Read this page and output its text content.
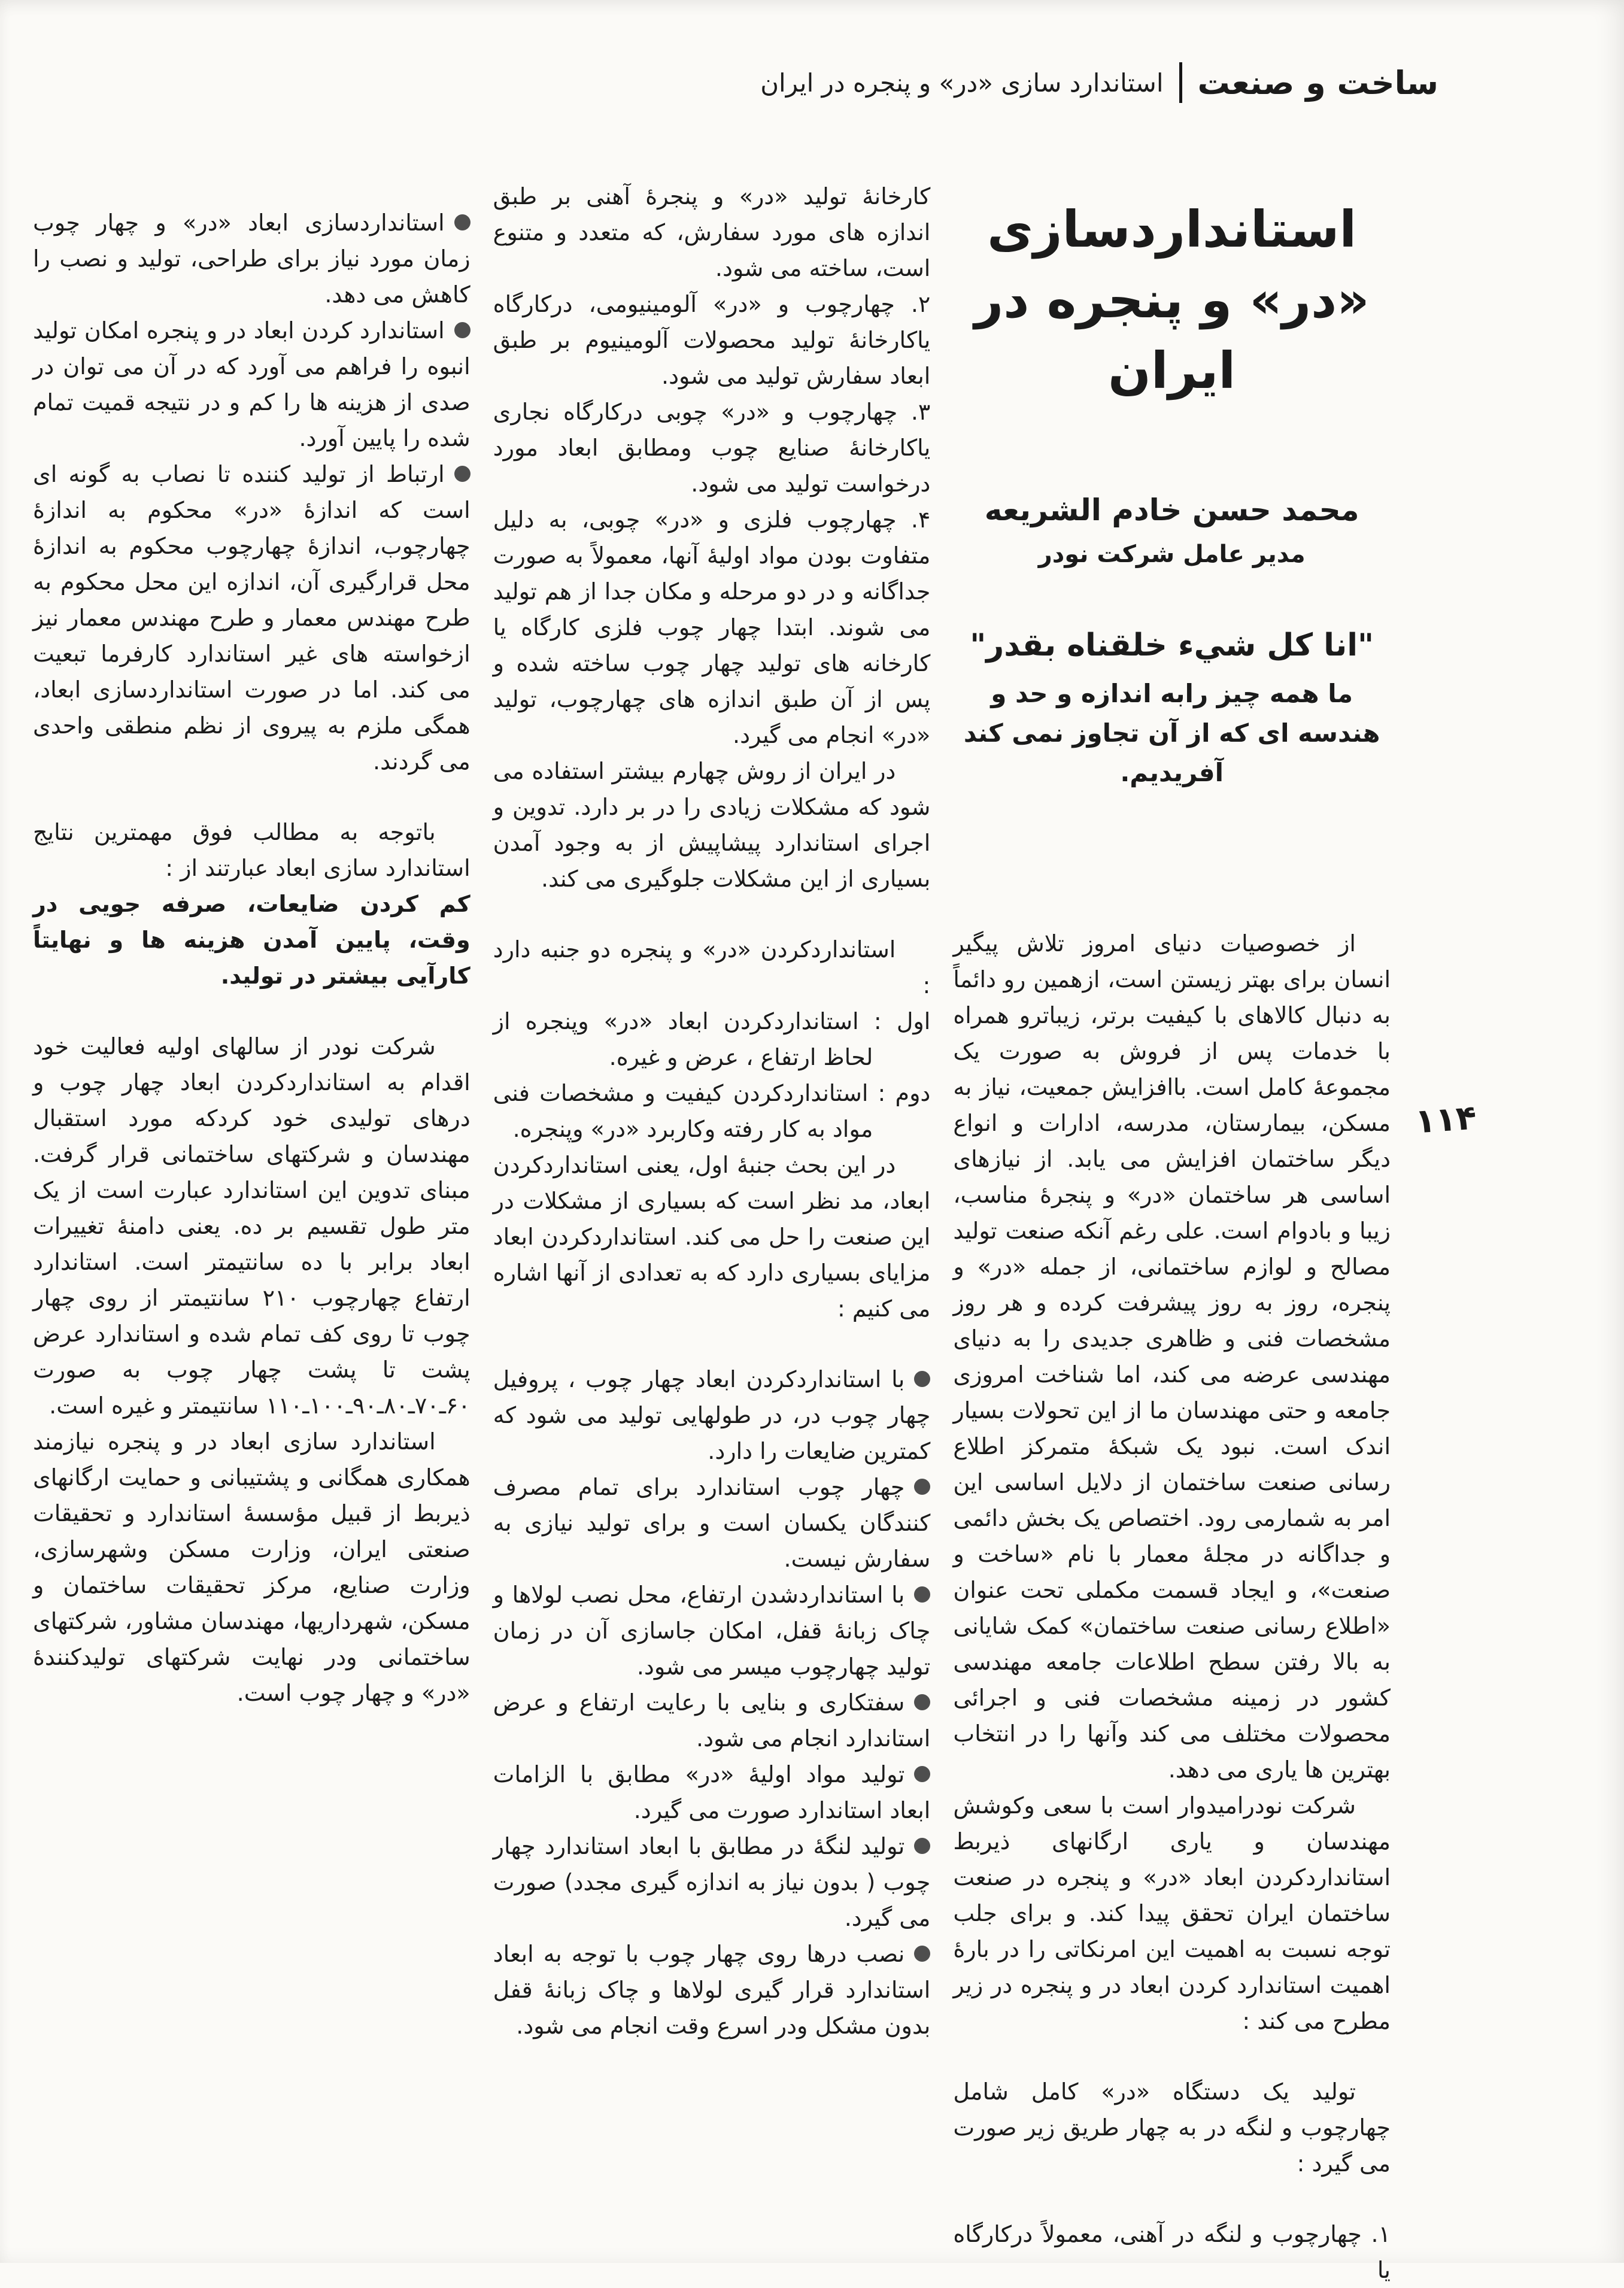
ساخت و صنعت
استاندارد سازی «در» و پنجره در ایران
۱۱۴
استانداردسازی
«در» و پنجره در ایران
محمد حسن خادم الشريعه
مدير عامل شركت نودر
"انا كل شيء خلقناه بقدر"
ما همه چیز رابه اندازه و حد و
هندسه ای که از آن تجاوز نمی کند آفریدیم.

از خصوصیات دنیای امروز تلاش پیگیر انسان برای بهتر زیستن است، ازهمین رو دائماً به دنبال کالاهای با کیفیت برتر، زیباترو همراه با خدمات پس از فروش به صورت یک مجموعهٔ کامل است. باافزایش جمعیت، نیاز به مسکن، بیمارستان، مدرسه، ادارات و انواع دیگر ساختمان افزایش می یابد. از نیازهای اساسی هر ساختمان «در» و پنجرهٔ مناسب، زیبا و بادوام است. علی رغم آنکه صنعت تولید مصالح و لوازم ساختمانی، از جمله «در» و پنجره، روز به روز پیشرفت کرده و هر روز مشخصات فنی و ظاهری جدیدی را به دنیای مهندسی عرضه می کند، اما شناخت امروزی جامعه و حتی مهندسان ما از این تحولات بسیار اندک است. نبود یک شبکهٔ متمرکز اطلاع رسانی صنعت ساختمان از دلایل اساسی این امر به شمارمی رود. اختصاص یک بخش دائمی و جداگانه در مجلهٔ معمار با نام «ساخت و صنعت»، و ایجاد قسمت مکملی تحت عنوان «اطلاع رسانی صنعت ساختمان» کمک شایانی به بالا رفتن سطح اطلاعات جامعه مهندسی کشور در زمینه مشخصات فنی و اجرائی محصولات مختلف می کند وآنها را در انتخاب بهترین ها یاری می دهد.

شرکت نودرامیدوار است با سعی وکوشش مهندسان و یاری ارگانهای ذیربط استانداردکردن ابعاد «در» و پنجره در صنعت ساختمان ایران تحقق پیدا کند. و برای جلب توجه نسبت به اهمیت این امرنکاتی را در بارهٔ اهمیت استاندارد کردن ابعاد در و پنجره در زیر مطرح می کند :

تولید یک دستگاه «در» کامل شامل چهارچوب و لنگه در به چهار طریق زیر صورت می گیرد :

۱. چهارچوب و لنگه در آهنی، معمولاً درکارگاه یا

کارخانهٔ تولید «در» و پنجرهٔ آهنی بر طبق اندازه های مورد سفارش، که متعدد و متنوع است، ساخته می شود.

۲. چهارچوب و «در» آلومینیومی، درکارگاه یاکارخانهٔ تولید محصولات آلومینیوم بر طبق ابعاد سفارش تولید می شود.

۳. چهارچوب و «در» چوبی درکارگاه نجاری یاکارخانهٔ صنایع چوب ومطابق ابعاد مورد درخواست تولید می شود.

۴. چهارچوب فلزی و «در» چوبی، به دلیل متفاوت بودن مواد اولیهٔ آنها، معمولاً به صورت جداگانه و در دو مرحله و مکان جدا از هم تولید می شوند. ابتدا چهار چوب فلزی کارگاه یا کارخانه های تولید چهار چوب ساخته شده و پس از آن طبق اندازه های چهارچوب، تولید «در» انجام می گیرد.

در ایران از روش چهارم بیشتر استفاده می شود که مشکلات زیادی را در بر دارد. تدوین و اجرای استاندارد پیشاپیش از به وجود آمدن بسیاری از این مشکلات جلوگیری می کند.

استانداردکردن «در» و پنجره دو جنبه دارد :

اول : استانداردکردن ابعاد «در» وپنجره از لحاظ ارتفاع ، عرض و غیره.

دوم : استانداردکردن کیفیت و مشخصات فنی مواد به کار رفته وکاربرد «در» وپنجره.

در این بحث جنبهٔ اول، یعنی استانداردکردن ابعاد، مد نظر است که بسیاری از مشکلات در این صنعت را حل می کند. استانداردکردن ابعاد مزایای بسیاری دارد که به تعدادی از آنها اشاره می کنیم :

با استانداردکردن ابعاد چهار چوب ، پروفیل چهار چوب در، در طولهایی تولید می شود که کمترین ضایعات را دارد.

چهار چوب استاندارد برای تمام مصرف کنندگان یکسان است و برای تولید نیازی به سفارش نیست.

با استانداردشدن ارتفاع، محل نصب لولاها و چاک زبانهٔ قفل، امکان جاسازی آن در زمان تولید چهارچوب میسر می شود.

سفتکاری و بنایی با رعایت ارتفاع و عرض استاندارد انجام می شود.

تولید مواد اولیهٔ «در» مطابق با الزامات ابعاد استاندارد صورت می گیرد.

تولید لنگهٔ در مطابق با ابعاد استاندارد چهار چوب ( بدون نیاز به اندازه گیری مجدد) صورت می گیرد.

نصب درها روی چهار چوب با توجه به ابعاد استاندارد قرار گیری لولاها و چاک زبانهٔ قفل بدون مشکل ودر اسرع وقت انجام می شود.

استانداردسازی ابعاد «در» و چهار چوب زمان مورد نیاز برای طراحی، تولید و نصب را کاهش می دهد.

استاندارد کردن ابعاد در و پنجره امکان تولید انبوه را فراهم می آورد که در آن می توان در صدی از هزینه ها را کم و در نتیجه قمیت تمام شده را پایین آورد.

ارتباط از تولید کننده تا نصاب به گونه ای است که اندازهٔ «در» محکوم به اندازهٔ چهارچوب، اندازهٔ چهارچوب محکوم به اندازهٔ محل قرارگیری آن، اندازه این محل محکوم به طرح مهندس معمار و طرح مهندس معمار نیز ازخواسته های غیر استاندارد کارفرما تبعیت می کند. اما در صورت استانداردسازی ابعاد، همگی ملزم به پیروی از نظم منطقی واحدی می گردند.

باتوجه به مطالب فوق مهمترین نتایج استاندارد سازی ابعاد عبارتند از :

کم کردن ضایعات، صرفه جویی در وقت، پایین آمدن هزینه ها و نهایتاً کارآیی بیشتر در تولید.

شرکت نودر از سالهای اولیه فعالیت خود اقدام به استانداردکردن ابعاد چهار چوب و درهای تولیدی خود کردکه مورد استقبال مهندسان و شرکتهای ساختمانی قرار گرفت. مبنای تدوین این استاندارد عبارت است از یک متر طول تقسیم بر ده. یعنی دامنهٔ تغییرات ابعاد برابر با ده سانتیمتر است. استاندارد ارتفاع چهارچوب ۲۱۰ سانتیمتر از روی چهار چوب تا روی کف تمام شده و استاندارد عرض پشت تا پشت چهار چوب به صورت ۶۰ـ۷۰ـ۸۰ـ۹۰ـ۱۰۰ـ۱۱۰ سانتیمتر و غیره است.

استاندارد سازی ابعاد در و پنجره نیازمند همکاری همگانی و پشتیبانی و حمایت ارگانهای ذیربط از قبیل مؤسسهٔ استاندارد و تحقیقات صنعتی ایران، وزارت مسکن وشهرسازی، وزارت صنایع، مرکز تحقیقات ساختمان و مسکن، شهرداریها، مهندسان مشاور، شرکتهای ساختمانی ودر نهایت شرکتهای تولیدکنندهٔ «در» و چهار چوب است.
